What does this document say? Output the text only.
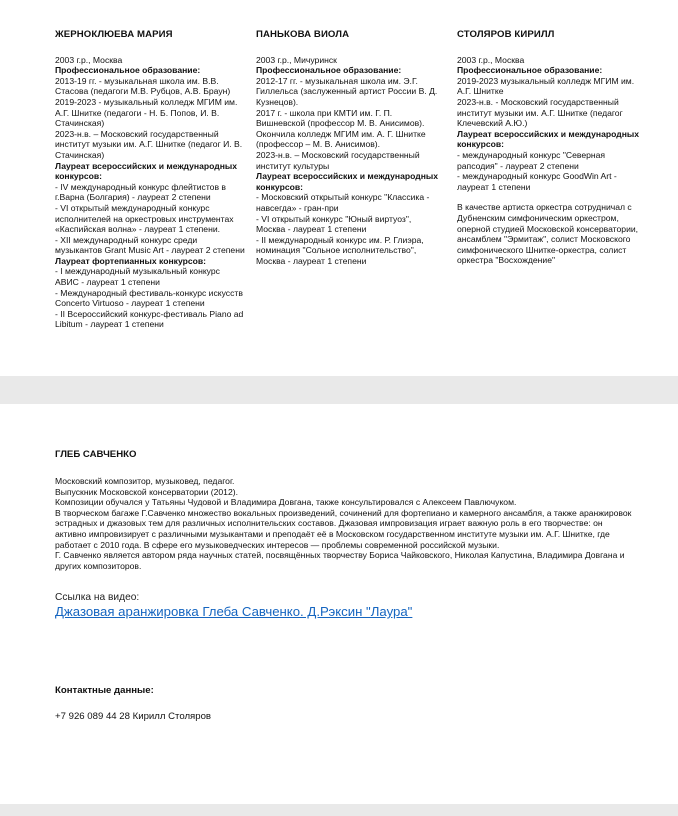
ЖЕРНОКЛЮЕВА МАРИЯ
2003 г.р., Москва
Профессиональное образование:
2013-19 гг. - музыкальная школа им. В.В. Стасова (педагоги М.В. Рубцов, А.В. Браун)
2019-2023 - музыкальный колледж МГИМ им. А.Г. Шнитке (педагоги - Н. Б. Попов, И. В. Стачинская)
2023-н.в. – Московский государственный институт музыки им. А.Г. Шнитке (педагог И. В. Стачинская)
Лауреат всероссийских и международных конкурсов:
- IV международный конкурс флейтистов в г.Варна (Болгария) - лауреат 2 степени
- VI открытый международный конкурс исполнителей на оркестровых инструментах «Каспийская волна» - лауреат 1 степени.
- XII международный конкурс среди музыкантов Grant Music Art - лауреат 2 степени
Лауреат фортепианных конкурсов:
- I международный музыкальный конкурс АВИС - лауреат 1 степени
- Международный фестиваль-конкурс искусств Concerto Virtuoso - лауреат 1 степени
- II Всероссийский конкурс-фестиваль Piano ad Libitum - лауреат 1 степени
ПАНЬКОВА ВИОЛА
2003 г.р., Мичуринск
Профессиональное образование:
2012-17 гг. - музыкальная школа им. Э.Г. Гиллельса (заслуженный артист России В. Д. Кузнецов).
2017 г. - школа при КМТИ им. Г. П. Вишневской (профессор М. В. Анисимов).
Окончила колледж МГИМ им. А. Г. Шнитке (профессор – М. В. Анисимов).
2023-н.в. – Московский государственный институт культуры
Лауреат всероссийских и международных конкурсов:
- Московский открытый конкурс "Классика - навсегда» - гран-при
- VI открытый конкурс "Юный виртуоз", Москва - лауреат 1 степени
- II международный конкурс им. Р. Глиэра, номинация "Сольное исполнительство", Москва - лауреат 1 степени
СТОЛЯРОВ КИРИЛЛ
2003 г.р., Москва
Профессиональное образование:
2019-2023 музыкальный колледж МГИМ им. А.Г. Шнитке
2023-н.в. - Московский государственный институт музыки им. А.Г. Шнитке (педагог Клечевский А.Ю.)
Лауреат всероссийских и международных конкурсов:
- международный конкурс "Северная рапсодия" - лауреат 2 степени
- международный конкурс GoodWin Art - лауреат 1 степени
В качестве артиста оркестра сотрудничал с Дубненским симфоническим оркестром, оперной студией Московской консерватории, ансамблем "Эрмитаж", солист Московского симфонического Шнитке-оркестра, солист оркестра "Восхождение"
ГЛЕБ САВЧЕНКО
Московский композитор, музыковед, педагог.
Выпускник Московской консерватории (2012).
Композиции обучался у Татьяны Чудовой и Владимира Довгана, также консультировался с Алексеем Павлючуком.
В творческом багаже Г.Савченко множество вокальных произведений, сочинений для фортепиано и камерного ансамбля, а также аранжировок эстрадных и джазовых тем для различных исполнительских составов. Джазовая импровизация играет важную роль в его творчестве: он активно импровизирует с различными музыкантами и преподаёт её в Московском государственном институте музыки им. А.Г. Шнитке, где работает с 2010 года. В сфере его музыковедческих интересов — проблемы современной российской музыки.
Г. Савченко является автором ряда научных статей, посвящённых творчеству Бориса Чайковского, Николая Капустина, Владимира Довгана и других композиторов.
Ссылка на видео:
Джазовая аранжировка Глеба Савченко. Д.Рэксин "Лаура"
Контактные данные:
+7 926 089 44 28 Кирилл Столяров
